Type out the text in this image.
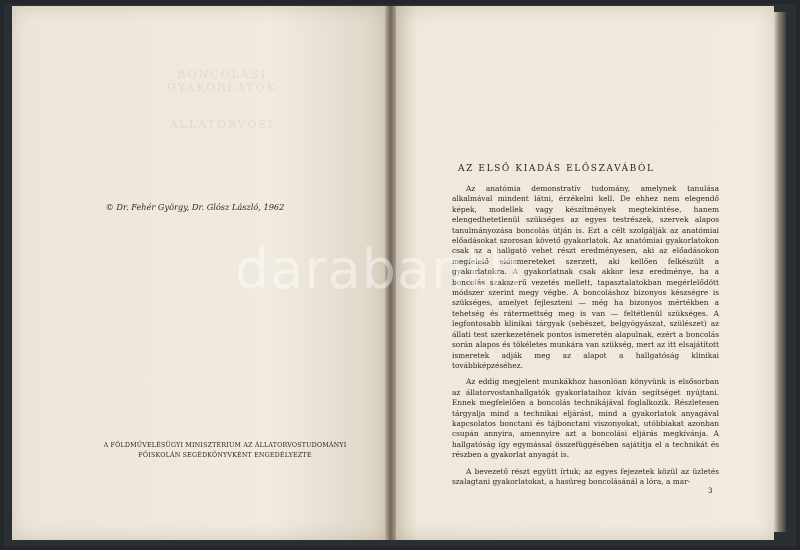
BONCOLÁSI GYAKORLATOK
ÁLLATORVOSI
© Dr. Fehér György, Dr. Glósz László, 1962
A FÖLDMŰVELÉSÜGYI MINISZTÉRIUM AZ ÁLLATORVOSTUDOMÁNYI
FŐISKOLÁN SEGÉDKÖNYVKÉNT ENGEDÉLYEZTE
AZ ELSŐ KIADÁS ELŐSZAVÁBÓL

Az anatómia demonstratív tudomány, amelynek tanulása alkalmával mindent látni, érzékelni kell. De ehhez nem elegendő képek, modellek vagy készítmények megtekintése, hanem elengedhetetlenül szükséges az egyes testrészek, szervek alapos tanulmányozása boncolás útján is. Ezt a célt szolgálják az anatómiai előadásokat szorosan követő gyakorlatok. Az anatómiai gyakorlatokon csak az a hallgató vehet részt eredményesen, aki az előadásokon megfelelő előismereteket szerzett, aki kellően felkészült a gyakorlatokra. A gyakorlatnak csak akkor lesz eredménye, ha a boncolás szakszerű vezetés mellett, tapasztalatokban megérlelődött módszer szerint megy végbe. A boncoláshoz bizonyos készségre is szükséges, amelyet fejleszteni — még ha bizonyos mértékben a tehetség és rátermettség meg is van — feltétlenül szükséges. A legfontosabb klinikai tárgyak (sebészet, belgyógyászat, szülészet) az állati test szerkezetének pontos ismeretén alapulnak, ezért a boncolás során alapos és tökéletes munkára van szükség, mert az itt elsajátított ismeretek adják meg az alapot a hallgatóság klinikai továbbképzéséhez.

Az eddig megjelent munkákhoz hasonlóan könyvünk is elsősorban az állatorvostanhallgatók gyakorlataihoz kíván segítséget nyújtani. Ennek megfelelően a boncolás technikájával foglalkozik. Részletesen tárgyalja mind a technikai eljárást, mind a gyakorlatok anyagával kapcsolatos bonctani és tájbonctani viszonyokat, utóbbiakat azonban csupán annyira, amennyire azt a boncolási eljárás megkívánja. A hallgatóság így egymással összefüggésében sajátítja el a technikát és részben a gyakorlat anyagát is.

A bevezető részt együtt írtuk; az egyes fejezetek közül az üzletés szalagtani gyakorlatokat, a hasüreg boncolásánál a lóra, a mar-

3
darabanth
